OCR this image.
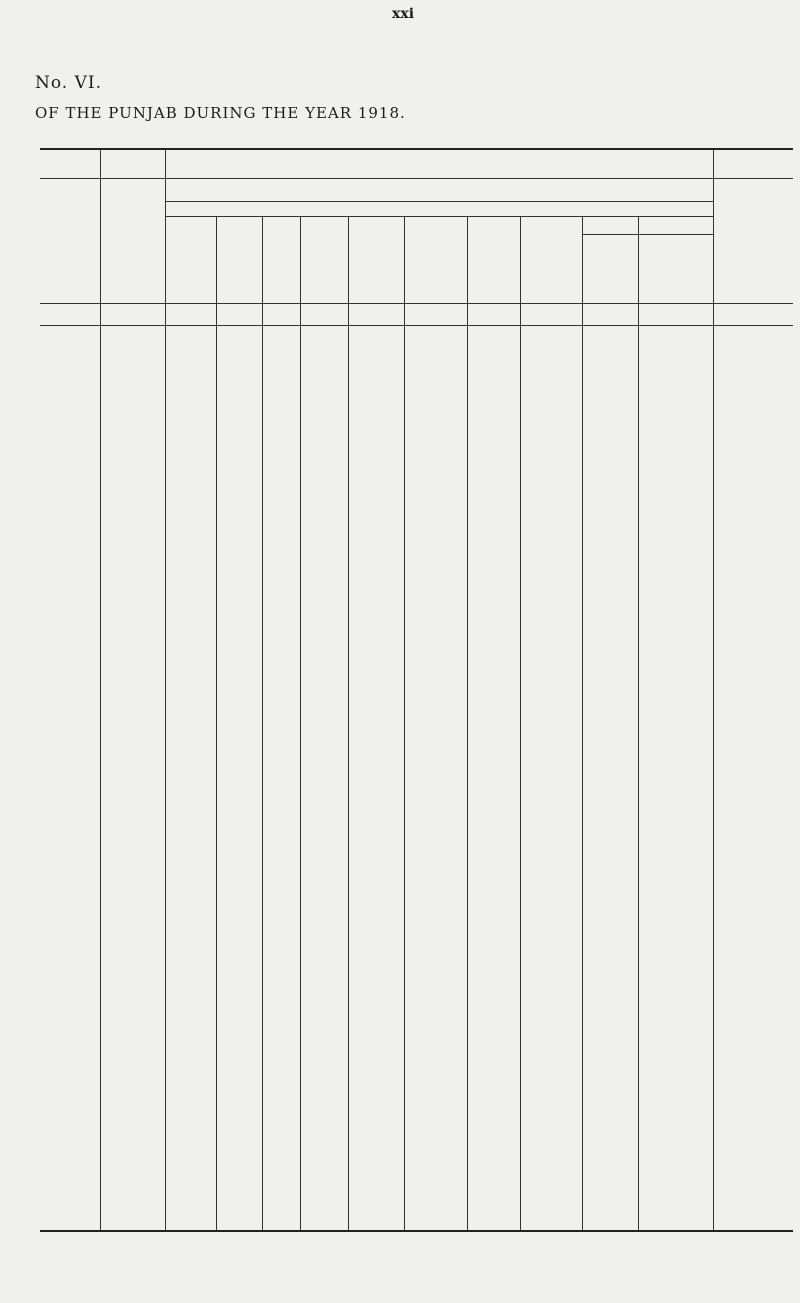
xxi
No. VI.
OF THE PUNJAB DURING THE YEAR 1918.
